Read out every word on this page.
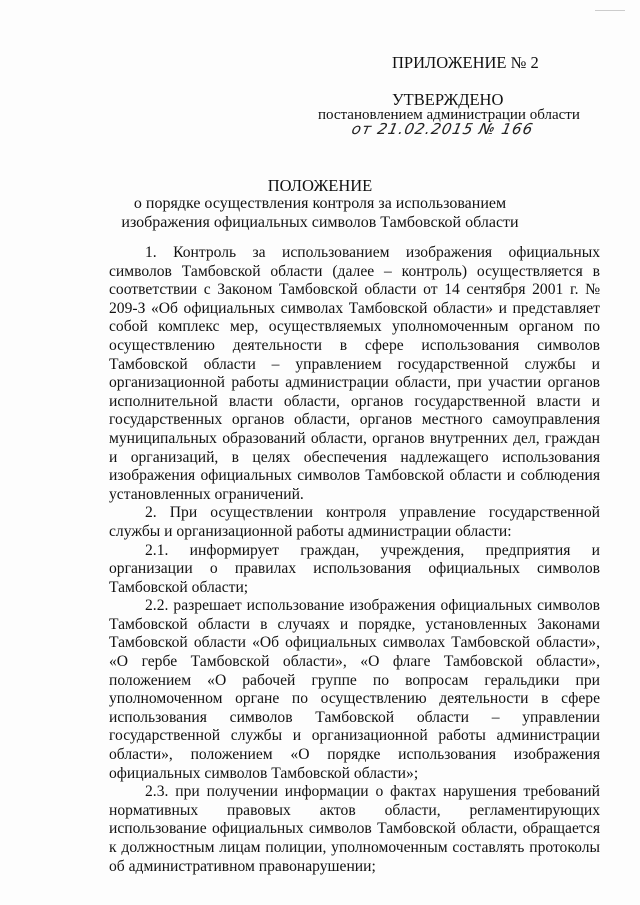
ПРИЛОЖЕНИЕ № 2
УТВЕРЖДЕНО
постановлением администрации области
от 21.02.2015 № 166
ПОЛОЖЕНИЕ
о порядке осуществления контроля за использованием изображения официальных символов Тамбовской области

1. Контроль за использованием изображения официальных символов Тамбовской области (далее – контроль) осуществляется в соответствии с Законом Тамбовской области от 14 сентября 2001 г. № 209-З «Об официальных символах Тамбовской области» и представляет собой комплекс мер, осуществляемых уполномоченным органом по осуществлению деятельности в сфере использования символов Тамбовской области – управлением государственной службы и организационной работы администрации области, при участии органов исполнительной власти области, органов государственной власти и государственных органов области, органов местного самоуправления муниципальных образований области, органов внутренних дел, граждан и организаций, в целях обеспечения надлежащего использования изображения официальных символов Тамбовской области и соблюдения установленных ограничений.

2. При осуществлении контроля управление государственной службы и организационной работы администрации области:

2.1. информирует граждан, учреждения, предприятия и организации о правилах использования официальных символов Тамбовской области;

2.2. разрешает использование изображения официальных символов Тамбовской области в случаях и порядке, установленных Законами Тамбовской области «Об официальных символах Тамбовской области», «О гербе Тамбовской области», «О флаге Тамбовской области», положением «О рабочей группе по вопросам геральдики при уполномоченном органе по осуществлению деятельности в сфере использования символов Тамбовской области – управлении государственной службы и организационной работы администрации области», положением «О порядке использования изображения официальных символов Тамбовской области»;

2.3. при получении информации о фактах нарушения требований нормативных правовых актов области, регламентирующих использование официальных символов Тамбовской области, обращается к должностным лицам полиции, уполномоченным составлять протоколы об административном правонарушении;
